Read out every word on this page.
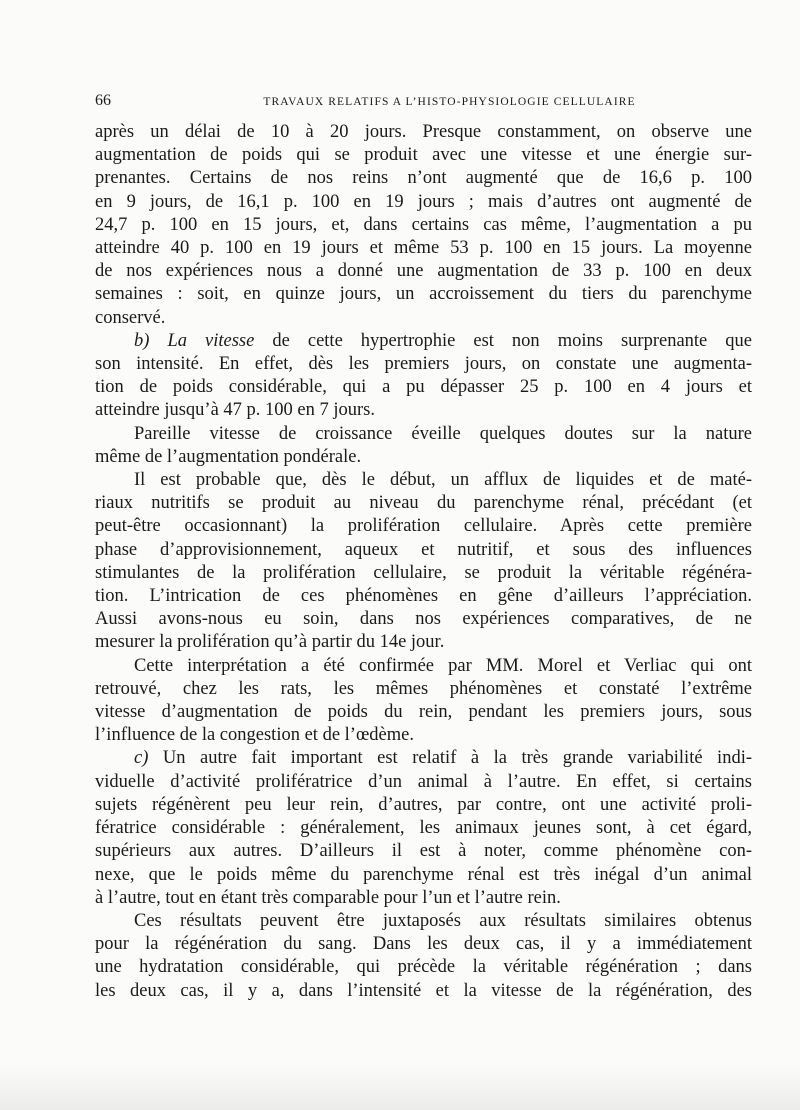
66	TRAVAUX RELATIFS A L’HISTO-PHYSIOLOGIE CELLULAIRE
après un délai de 10 à 20 jours. Presque constamment, on observe une
augmentation de poids qui se produit avec une vitesse et une énergie sur-
prenantes. Certains de nos reins n’ont augmenté que de 16,6 p. 100
en 9 jours, de 16,1 p. 100 en 19 jours ; mais d’autres ont augmenté de
24,7 p. 100 en 15 jours, et, dans certains cas même, l’augmentation a pu
atteindre 40 p. 100 en 19 jours et même 53 p. 100 en 15 jours. La moyenne
de nos expériences nous a donné une augmentation de 33 p. 100 en deux
semaines : soit, en quinze jours, un accroissement du tiers du parenchyme
conservé.
b) La vitesse de cette hypertrophie est non moins surprenante que
son intensité. En effet, dès les premiers jours, on constate une augmenta-
tion de poids considérable, qui a pu dépasser 25 p. 100 en 4 jours et
atteindre jusqu’à 47 p. 100 en 7 jours.
Pareille vitesse de croissance éveille quelques doutes sur la nature
même de l’augmentation pondérale.
Il est probable que, dès le début, un afflux de liquides et de maté-
riaux nutritifs se produit au niveau du parenchyme rénal, précédant (et
peut-être occasionnant) la prolifération cellulaire. Après cette première
phase d’approvisionnement, aqueux et nutritif, et sous des influences
stimulantes de la prolifération cellulaire, se produit la véritable régénéra-
tion. L’intrication de ces phénomènes en gêne d’ailleurs l’appréciation.
Aussi avons-nous eu soin, dans nos expériences comparatives, de ne
mesurer la prolifération qu’à partir du 14e jour.
Cette interprétation a été confirmée par MM. Morel et Verliac qui ont
retrouvé, chez les rats, les mêmes phénomènes et constaté l’extrême
vitesse d’augmentation de poids du rein, pendant les premiers jours, sous
l’influence de la congestion et de l’œdème.
c) Un autre fait important est relatif à la très grande variabilité indi-
viduelle d’activité prolifératrice d’un animal à l’autre. En effet, si certains
sujets régénèrent peu leur rein, d’autres, par contre, ont une activité proli-
fératrice considérable : généralement, les animaux jeunes sont, à cet égard,
supérieurs aux autres. D’ailleurs il est à noter, comme phénomène con-
nexe, que le poids même du parenchyme rénal est très inégal d’un animal
à l’autre, tout en étant très comparable pour l’un et l’autre rein.
Ces résultats peuvent être juxtaposés aux résultats similaires obtenus
pour la régénération du sang. Dans les deux cas, il y a immédiatement
une hydratation considérable, qui précède la véritable régénération ; dans
les deux cas, il y a, dans l’intensité et la vitesse de la régénération, des
